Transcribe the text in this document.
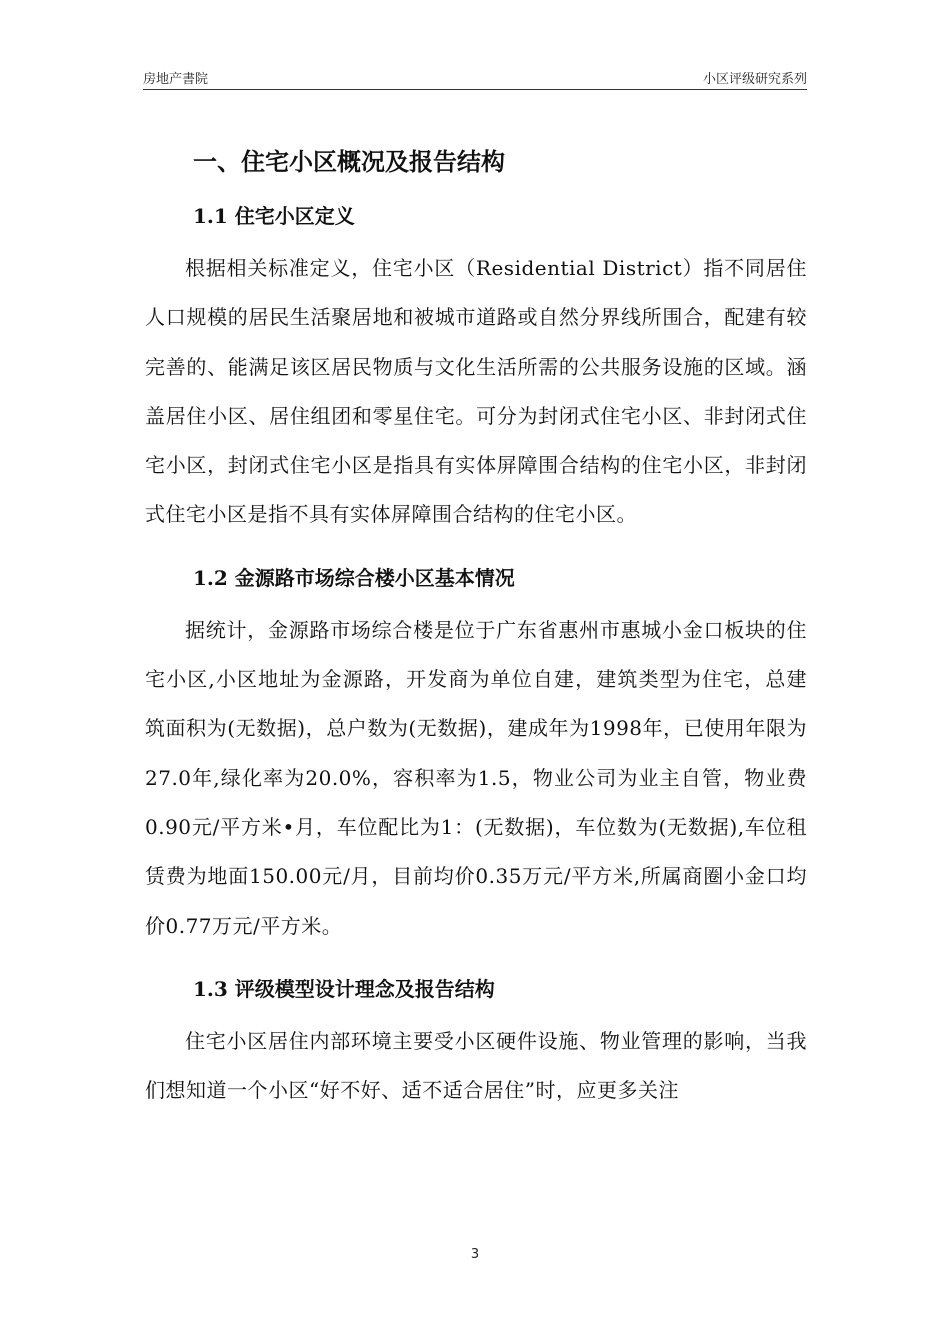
房地产書院	小区评级研究系列
一、住宅小区概况及报告结构
1.1 住宅小区定义

根据相关标准定义，住宅小区（Residential District）指不同居住人口规模的居民生活聚居地和被城市道路或自然分界线所围合，配建有较完善的、能满足该区居民物质与文化生活所需的公共服务设施的区域。涵盖居住小区、居住组团和零星住宅。可分为封闭式住宅小区、非封闭式住宅小区，封闭式住宅小区是指具有实体屏障围合结构的住宅小区，非封闭式住宅小区是指不具有实体屏障围合结构的住宅小区。

1.2 金源路市场综合楼小区基本情况

据统计，金源路市场综合楼是位于广东省惠州市惠城小金口板块的住宅小区,小区地址为金源路，开发商为单位自建，建筑类型为住宅，总建筑面积为(无数据)，总户数为(无数据)，建成年为1998年，已使用年限为27.0年,绿化率为20.0%，容积率为1.5，物业公司为业主自管，物业费0.90元/平方米•月，车位配比为1：(无数据)，车位数为(无数据),车位租赁费为地面150.00元/月，目前均价0.35万元/平方米,所属商圈小金口均价0.77万元/平方米。

1.3 评级模型设计理念及报告结构

住宅小区居住内部环境主要受小区硬件设施、物业管理的影响，当我们想知道一个小区“好不好、适不适合居住”时，应更多关注

3
